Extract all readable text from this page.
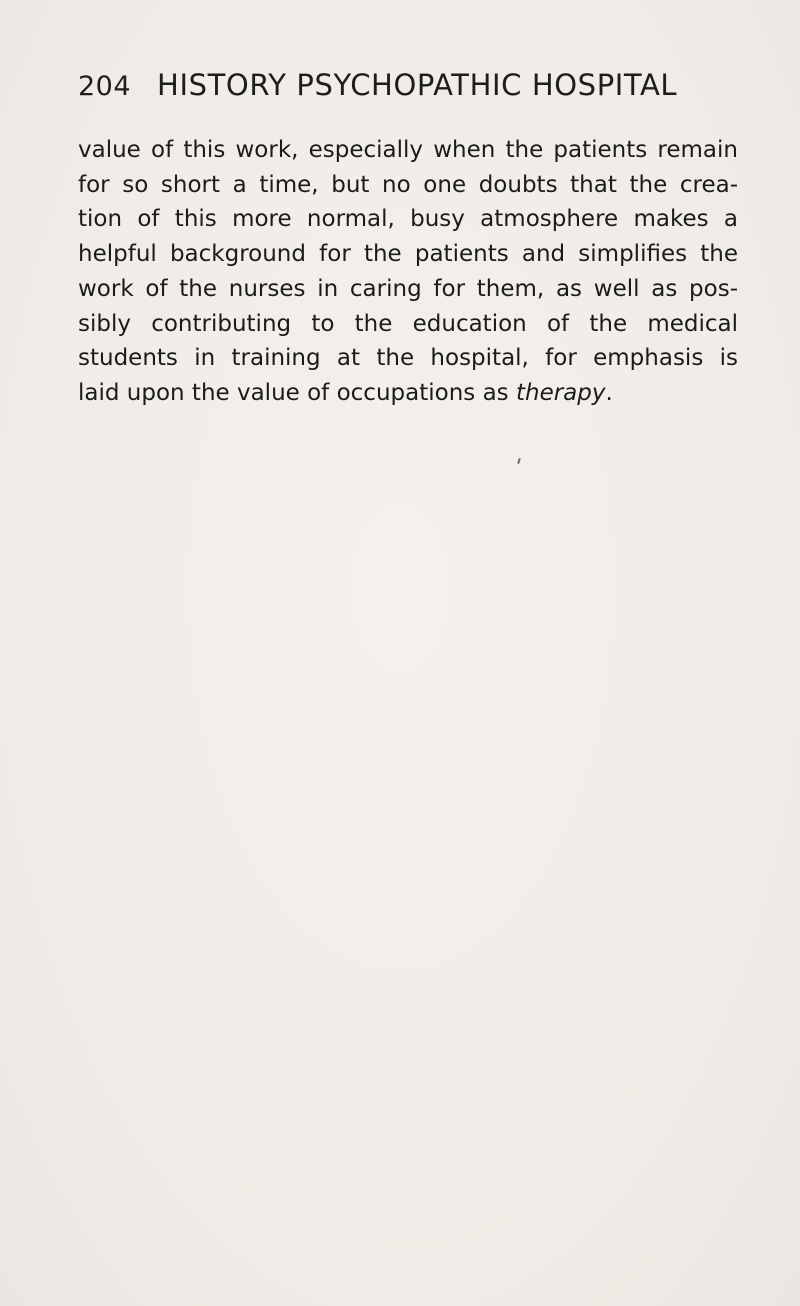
204 HISTORY PSYCHOPATHIC HOSPITAL
value of this work, especially when the patients remain
for so short a time, but no one doubts that the crea-
tion of this more normal, busy atmosphere makes a
helpful background for the patients and simplifies the
work of the nurses in caring for them, as well as pos-
sibly contributing to the education of the medical
students in training at the hospital, for emphasis is
laid upon the value of occupations as therapy.
